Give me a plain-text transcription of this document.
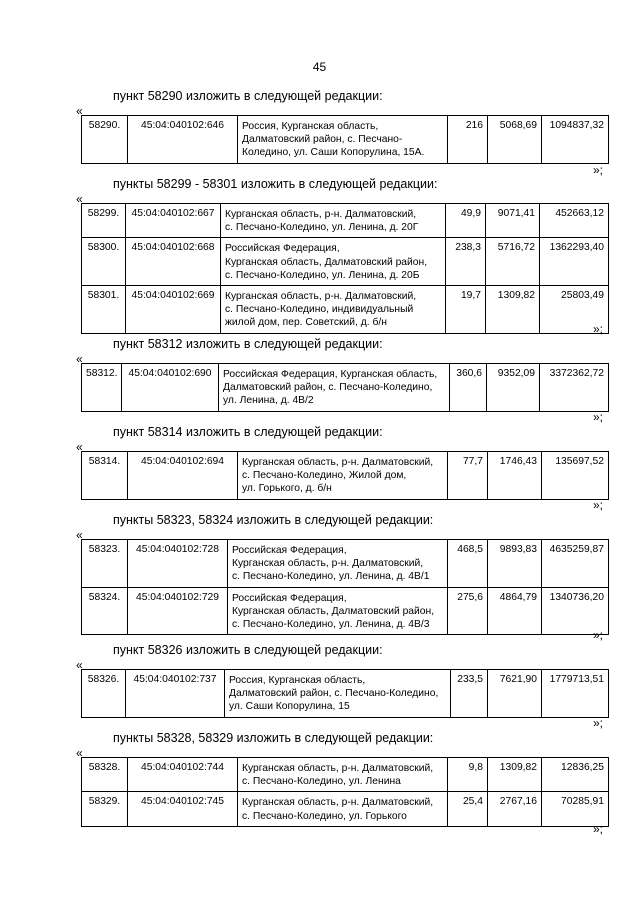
45
пункт 58290 изложить в следующей редакции:
«
58290.	45:04:040102:646	Россия, Курганская область,
Далматовский район, с. Песчано-
Коледино, ул. Саши Копорулина, 15А.
	216	5068,69	1094837,32
»;
пункты 58299 - 58301 изложить в следующей редакции:
«
58299.	45:04:040102:667	Курганская область, р-н. Далматовский,
с. Песчано-Коледино, ул. Ленина, д. 20Г	49,9	9071,41	452663,12
58300.	45:04:040102:668	Российская Федерация,
Курганская область, Далматовский район,
с. Песчано-Коледино, ул. Ленина, д. 20Б	238,3	5716,72	1362293,40
58301.	45:04:040102:669	Курганская область, р-н. Далматовский,
с. Песчано-Коледино, индивидуальный
жилой дом, пер. Советский, д. б/н	19,7	1309,82	25803,49
»;
пункт 58312 изложить в следующей редакции:
«
58312.	45:04:040102:690	Российская Федерация, Курганская область,
Далматовский район, с. Песчано-Коледино,
ул. Ленина, д. 4В/2
	360,6	9352,09	3372362,72
»;
пункт 58314 изложить в следующей редакции:
«
58314.	45:04:040102:694	Курганская область, р-н. Далматовский,
с. Песчано-Коледино, Жилой дом,
ул. Горького, д. б/н
	77,7	1746,43	135697,52
»;
пункты 58323, 58324 изложить в следующей редакции:
«
58323.	45:04:040102:728	Российская Федерация,
Курганская область, р-н. Далматовский,
с. Песчано-Коледино, ул. Ленина, д. 4В/1	468,5	9893,83	4635259,87
58324.	45:04:040102:729	Российская Федерация,
Курганская область, Далматовский район,
с. Песчано-Коледино, ул. Ленина, д. 4В/3	275,6	4864,79	1340736,20
»;
пункт 58326 изложить в следующей редакции:
«
58326.	45:04:040102:737	Россия, Курганская область,
Далматовский район, с. Песчано-Коледино,
ул. Саши Копорулина, 15
	233,5	7621,90	1779713,51
»;
пункты 58328, 58329 изложить в следующей редакции:
«
58328.	45:04:040102:744	Курганская область, р-н. Далматовский,
с. Песчано-Коледино, ул. Ленина	9,8	1309,82	12836,25
58329.	45:04:040102:745	Курганская область, р-н. Далматовский,
с. Песчано-Коледино, ул. Горького	25,4	2767,16	70285,91
»;
